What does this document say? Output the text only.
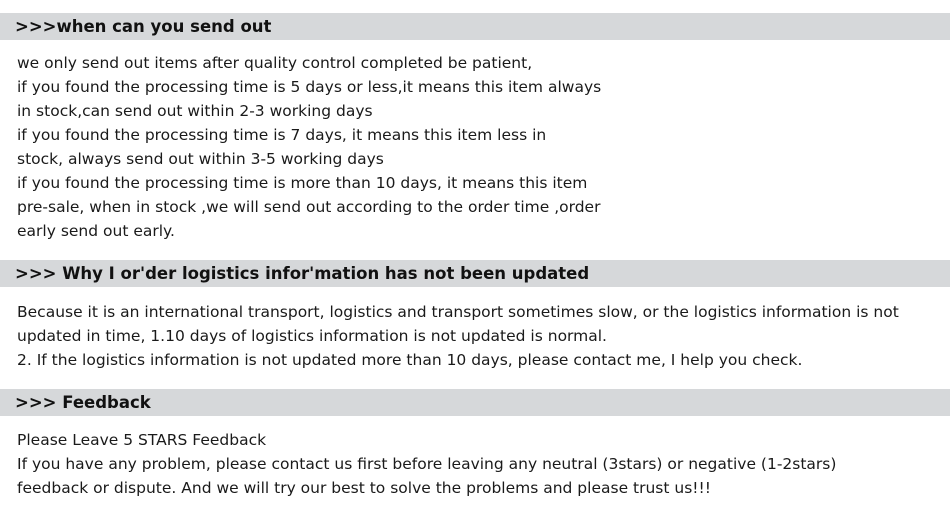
>>>when can you send out
we only send out items after quality control completed be patient,
if you found the processing time is 5 days or less,it means this item always
in stock,can send out within 2-3 working days
if you found the processing time is 7 days, it means this item less in
stock, always send out within 3-5 working days
if you found the processing time is more than 10 days, it means this item
pre-sale, when in stock ,we will send out according to the order time ,order
early send out early.
>>> Why I or'der logistics infor'mation has not been updated
Because it is an international transport, logistics and transport sometimes slow, or the logistics information is not
updated in time, 1.10 days of logistics information is not updated is normal.
2. If the logistics information is not updated more than 10 days, please contact me, I help you check.
>>> Feedback
Please Leave 5 STARS Feedback
If you have any problem, please contact us first before leaving any neutral (3stars) or negative (1-2stars)
feedback or dispute. And we will try our best to solve the problems and please trust us!!!
